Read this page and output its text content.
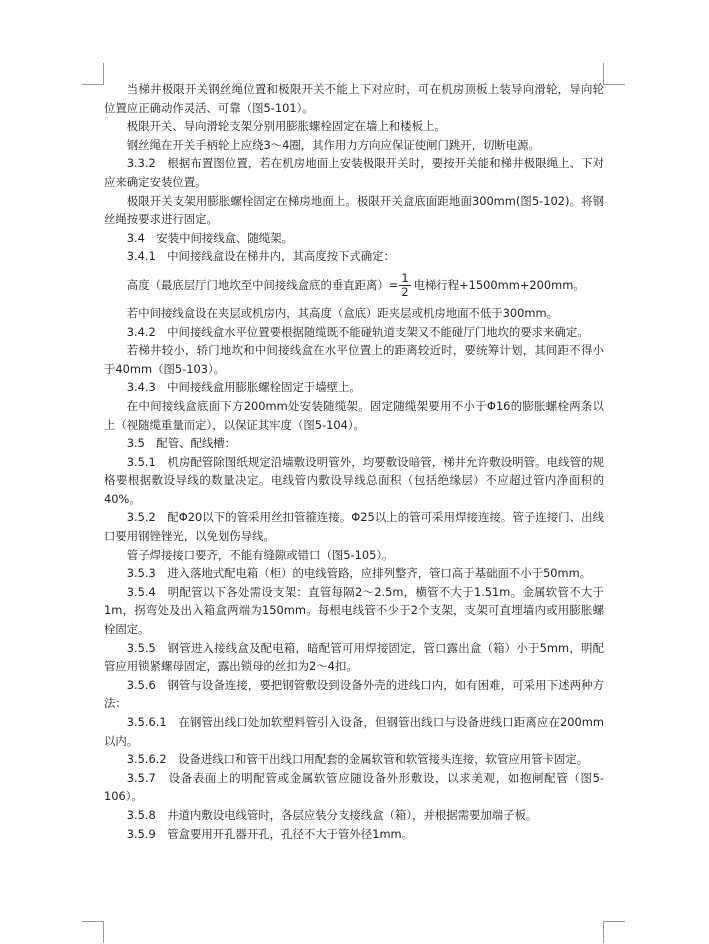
当梯井极限开关钢丝绳位置和极限开关不能上下对应时，可在机房顶板上装导向滑轮，导向轮位置应正确动作灵活、可靠（图5-101）。

极限开关、导向滑轮支架分别用膨胀螺栓固定在墙上和楼板上。

钢丝绳在开关手柄轮上应绕3～4圈，其作用力方向应保证使闸门跳开，切断电源。

3.3.2　根据布置图位置，若在机房地面上安装极限开关时，要按开关能和梯井极限绳上、下对应来确定安装位置。

极限开关支架用膨胀螺栓固定在梯房地面上。极限开关盒底面距地面300mm(图5-102)。将钢丝绳按要求进行固定。

3.4　安装中间接线盒、随缆架。

3.4.1　中间接线盒设在梯井内，其高度按下式确定：

高度（最底层厅门地坎至中间接线盒底的垂直距离）= $\frac{1}{2}$ 电梯行程+1500mm+200mm。

若中间接线盒设在夹层或机房内，其高度（盒底）距夹层或机房地面不低于300mm。

3.4.2　中间接线盒水平位置要根据随缆既不能碰轨道支架又不能碰厅门地坎的要求来确定。

若梯井较小，轿门地坎和中间接线盒在水平位置上的距离较近时，要统筹计划，其间距不得小于40mm（图5-103）。

3.4.3　中间接线盒用膨胀螺栓固定于墙壁上。

在中间接线盒底面下方200mm处安装随缆架。固定随缆架要用不小于Φ16的膨胀螺栓两条以上（视随缆重量而定），以保证其牢度（图5-104）。

3.5　配管、配线槽：

3.5.1　机房配管除图纸规定沿墙敷设明管外，均要敷设暗管，梯井允许敷设明管。电线管的规格要根据敷设导线的数量决定。电线管内敷设导线总面积（包括绝缘层）不应超过管内净面积的40%。

3.5.2　配Φ20以下的管采用丝扣管箍连接。Φ25以上的管可采用焊接连接。管子连接门、出线口要用钢锉锉光，以免划伤导线。

管子焊接接口要齐，不能有缝隙或错口（图5-105）。

3.5.3　进入落地式配电箱（柜）的电线管路，应排列整齐，管口高于基础面不小于50mm。

3.5.4　明配管以下各处需设支架：直管每隔2～2.5m，横管不大于1.51m。金属软管不大于1m，拐弯处及出入箱盒两端为150mm。每根电线管不少于2个支架，支架可直埋墙内或用膨胀螺栓固定。

3.5.5　钢管进入接线盒及配电箱，暗配管可用焊接固定，管口露出盒（箱）小于5mm，明配管应用锁紧螺母固定，露出锁母的丝扣为2～4扣。

3.5.6　钢管与设备连接，要把钢管敷设到设备外壳的进线口内，如有困难，可采用下述两种方法：

3.5.6.1　在钢管出线口处加软塑料管引入设备，但钢管出线口与设备进线口距离应在200mm以内。

3.5.6.2　设备进线口和管干出线口用配套的金属软管和软管接头连接，软管应用管卡固定。

3.5.7　设备表面上的明配管或金属软管应随设备外形敷设，以求美观，如抱闸配管（图5-106）。

3.5.8　井道内敷设电线管时，各层应装分支接线盒（箱），并根据需要加端子板。

3.5.9　管盒要用开孔器开孔，孔径不大于管外径1mm。
